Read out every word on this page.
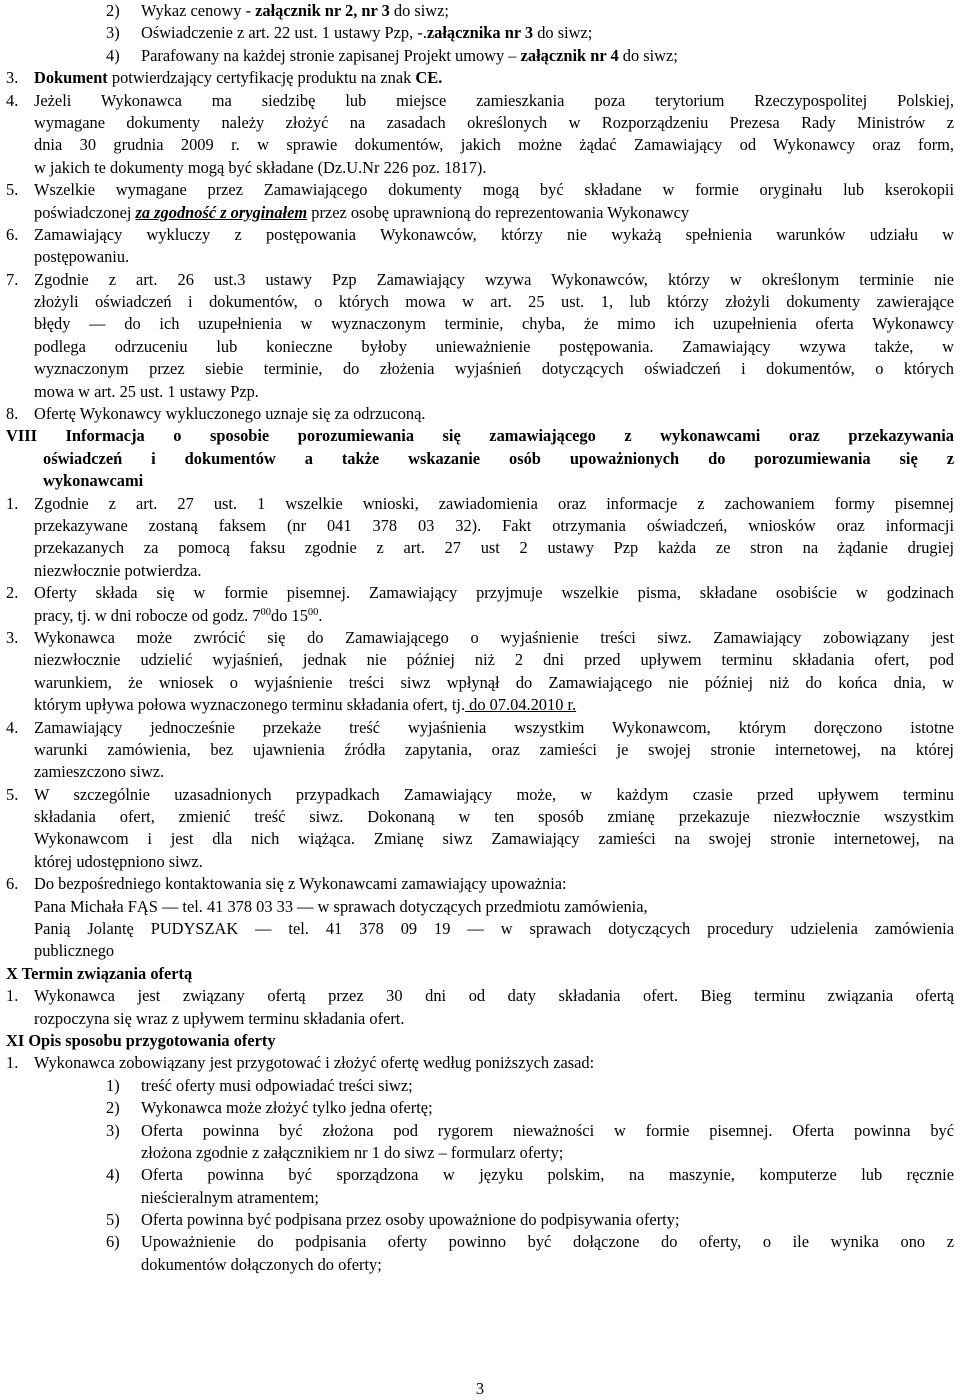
2) Wykaz cenowy - załącznik nr 2, nr 3 do siwz;
3) Oświadczenie z art. 22 ust. 1 ustawy Pzp, -.załącznika nr 3 do siwz;
4) Parafowany na każdej stronie zapisanej Projekt umowy – załącznik nr 4 do siwz;
3. Dokument potwierdzający certyfikację produktu na znak CE.
4. Jeżeli Wykonawca ma siedzibę lub miejsce zamieszkania poza terytorium Rzeczypospolitej Polskiej,
wymagane dokumenty należy złożyć na zasadach określonych w Rozporządzeniu Prezesa Rady Ministrów z
dnia 30 grudnia 2009 r. w sprawie dokumentów, jakich możne żądać Zamawiający od Wykonawcy oraz form,
w jakich te dokumenty mogą być składane (Dz.U.Nr 226 poz. 1817).
5. Wszelkie wymagane przez Zamawiającego dokumenty mogą być składane w formie oryginału lub kserokopii
poświadczonej za zgodność z oryginałem przez osobę uprawnioną do reprezentowania Wykonawcy
6. Zamawiający wykluczy z postępowania Wykonawców, którzy nie wykażą spełnienia warunków udziału w
postępowaniu.
7. Zgodnie z art. 26 ust.3 ustawy Pzp Zamawiający wzywa Wykonawców, którzy w określonym terminie nie
złożyli oświadczeń i dokumentów, o których mowa w art. 25 ust. 1, lub którzy złożyli dokumenty zawierające
błędy — do ich uzupełnienia w wyznaczonym terminie, chyba, że mimo ich uzupełnienia oferta Wykonawcy
podlega odrzuceniu lub konieczne byłoby unieważnienie postępowania. Zamawiający wzywa także, w
wyznaczonym przez siebie terminie, do złożenia wyjaśnień dotyczących oświadczeń i dokumentów, o których
mowa w art. 25 ust. 1 ustawy Pzp.
8. Ofertę Wykonawcy wykluczonego uznaje się za odrzuconą.
VIII Informacja o sposobie porozumiewania się zamawiającego z wykonawcami oraz przekazywania
oświadczeń i dokumentów a także wskazanie osób upoważnionych do porozumiewania się z
wykonawcami
1. Zgodnie z art. 27 ust. 1 wszelkie wnioski, zawiadomienia oraz informacje z zachowaniem formy pisemnej
przekazywane zostaną faksem (nr 041 378 03 32). Fakt otrzymania oświadczeń, wniosków oraz informacji
przekazanych za pomocą faksu zgodnie z art. 27 ust 2 ustawy Pzp każda ze stron na żądanie drugiej
niezwłocznie potwierdza.
2. Oferty składa się w formie pisemnej. Zamawiający przyjmuje wszelkie pisma, składane osobiście w godzinach
pracy, tj. w dni robocze od godz. $7^{00}do$ $15^{00}$.
3. Wykonawca może zwrócić się do Zamawiającego o wyjaśnienie treści siwz. Zamawiający zobowiązany jest
niezwłocznie udzielić wyjaśnień, jednak nie później niż 2 dni przed upływem terminu składania ofert, pod
warunkiem, że wniosek o wyjaśnienie treści siwz wpłynął do Zamawiającego nie później niż do końca dnia, w
którym upływa połowa wyznaczonego terminu składania ofert, tj. do 07.04.2010 r.
4. Zamawiający jednocześnie przekaże treść wyjaśnienia wszystkim Wykonawcom, którym doręczono istotne
warunki zamówienia, bez ujawnienia źródła zapytania, oraz zamieści je swojej stronie internetowej, na której
zamieszczono siwz.
5. W szczególnie uzasadnionych przypadkach Zamawiający może, w każdym czasie przed upływem terminu
składania ofert, zmienić treść siwz. Dokonaną w ten sposób zmianę przekazuje niezwłocznie wszystkim
Wykonawcom i jest dla nich wiążąca. Zmianę siwz Zamawiający zamieści na swojej stronie internetowej, na
której udostępniono siwz.
6. Do bezpośredniego kontaktowania się z Wykonawcami zamawiający upoważnia:
Pana Michała FĄS — tel. 41 378 03 33 — w sprawach dotyczących przedmiotu zamówienia,
Panią Jolantę PUDYSZAK — tel. 41 378 09 19 — w sprawach dotyczących procedury udzielenia zamówienia
publicznego
X Termin związania ofertą
1. Wykonawca jest związany ofertą przez 30 dni od daty składania ofert. Bieg terminu związania ofertą
rozpoczyna się wraz z upływem terminu składania ofert.
XI Opis sposobu przygotowania oferty
1. Wykonawca zobowiązany jest przygotować i złożyć ofertę według poniższych zasad:
1) treść oferty musi odpowiadać treści siwz;
2) Wykonawca może złożyć tylko jedna ofertę;
3) Oferta powinna być złożona pod rygorem nieważności w formie pisemnej. Oferta powinna być
złożona zgodnie z załącznikiem nr 1 do siwz – formularz oferty;
4) Oferta powinna być sporządzona w języku polskim, na maszynie, komputerze lub ręcznie
nieścieralnym atramentem;
5) Oferta powinna być podpisana przez osoby upoważnione do podpisywania oferty;
6) Upoważnienie do podpisania oferty powinno być dołączone do oferty, o ile wynika ono z
dokumentów dołączonych do oferty;
3
